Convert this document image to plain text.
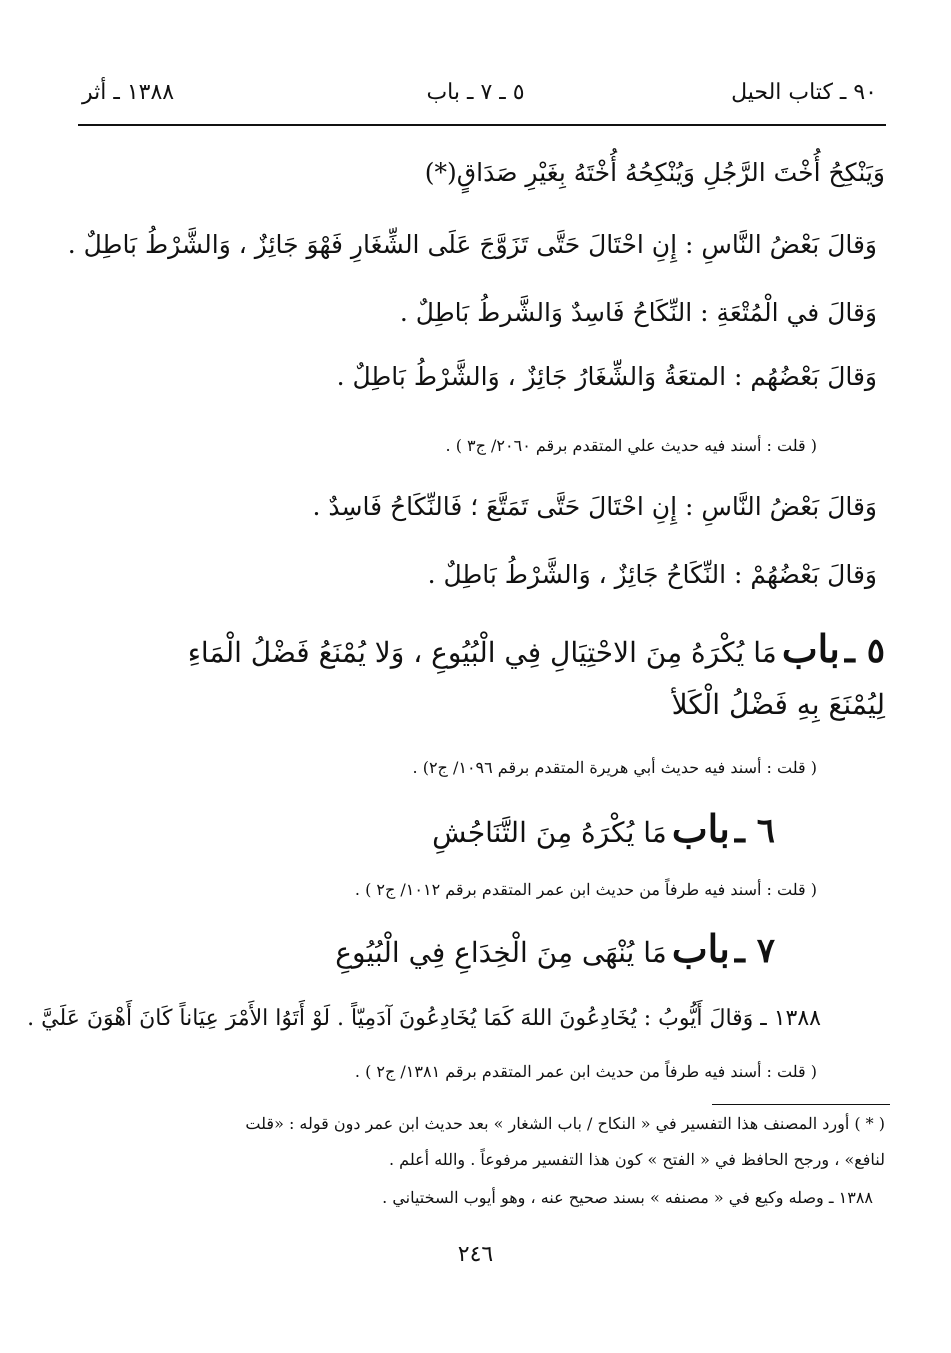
٩٠ ـ كتاب الحيل
٥ ـ ٧ ـ باب
١٣٨٨ ـ أثر
وَيَنْكِحُ أُخْتَ الرَّجُلِ وَيُنْكِحُهُ أُخْتَهُ بِغَيْرِ صَدَاقٍ(*)
وَقالَ بَعْضُ النَّاسِ : إِنِ احْتَالَ حَتَّى تَزَوَّجَ عَلَى الشِّغَارِ فَهْوَ جَائِزٌ ، وَالشَّرْطُ بَاطِلٌ .
وَقالَ في الْمُتْعَةِ : النِّكَاحُ فَاسِدٌ وَالشَّرطُ بَاطِلٌ .
وَقالَ بَعْضُهُم : المتعَةُ وَالشِّغَارُ جَائِزٌ ، وَالشَّرْطُ بَاطِلٌ .
( قلت : أسند فيه حديث علي المتقدم برقم ٢٠٦٠/ ج٣ ) .
وَقالَ بَعْضُ النَّاسِ : إِنِ احْتَالَ حَتَّى تَمَتَّعَ ؛ فَالنِّكَاحُ فَاسِدٌ .
وَقالَ بَعْضُهُمْ : النِّكَاحُ جَائِزٌ ، وَالشَّرْطُ بَاطِلٌ .
٥ ـ باب مَا يُكْرَهُ مِنَ الاحْتِيَالِ فِي الْبُيُوعِ ، وَلا يُمْنَعُ فَضْلُ الْمَاءِ
لِيُمْنَعَ بِهِ فَضْلُ الْكَلأ
( قلت : أسند فيه حديث أبي هريرة المتقدم برقم ١٠٩٦/ ج٢) .
٦ ـ باب مَا يُكْرَهُ مِنَ التَّنَاجُشِ
( قلت : أسند فيه طرفاً من حديث ابن عمر المتقدم برقم ١٠١٢/ ج٢ ) .
٧ ـ باب مَا يُنْهَى مِنَ الْخِدَاعِ فِي الْبُيُوعِ
١٣٨٨ ـ وَقالَ أَيُّوبُ : يُخَادِعُونَ اللهَ كَمَا يُخَادِعُونَ آدَمِيّاً . لَوْ أَتَوُا الأَمْرَ عِيَاناً كَانَ أَهْوَنَ عَلَيَّ .
( قلت : أسند فيه طرفاً من حديث ابن عمر المتقدم برقم ١٣٨١/ ج٢ ) .
( * ) أورد المصنف هذا التفسير في « النكاح / باب الشغار » بعد حديث ابن عمر دون قوله : «قلت
لنافع» ، ورجح الحافظ في « الفتح » كون هذا التفسير مرفوعاً . والله أعلم .
١٣٨٨ ـ وصله وكيع في « مصنفه » بسند صحيح عنه ، وهو أيوب السختياني .
٢٤٦
